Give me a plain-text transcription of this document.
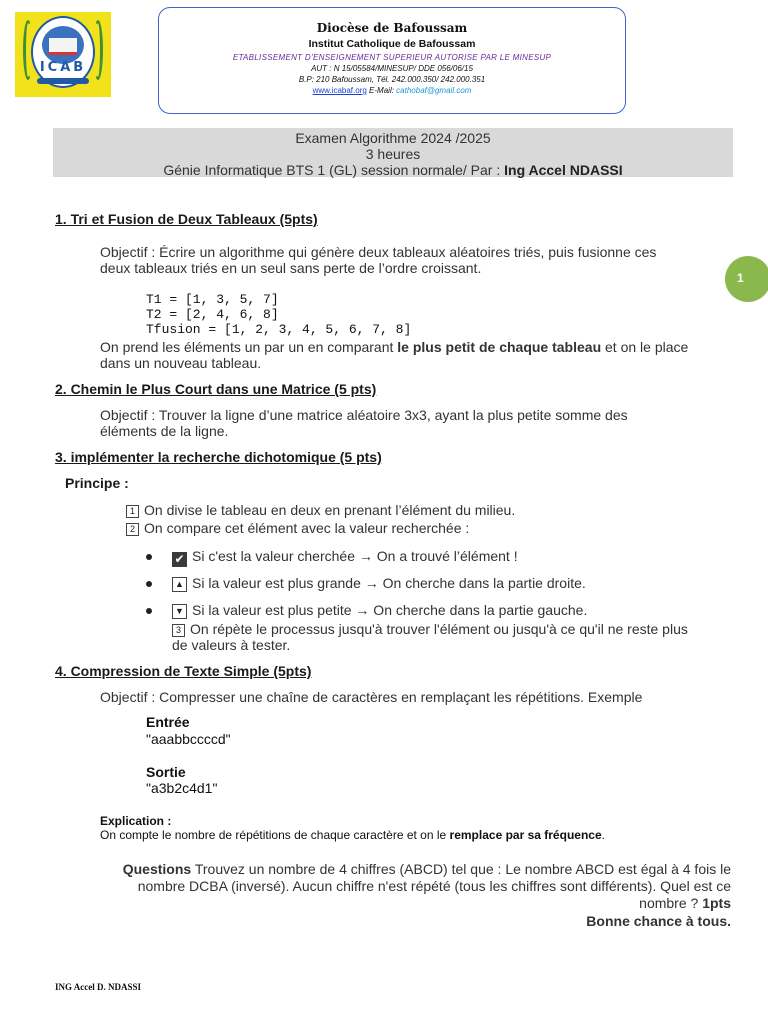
ICAB
Diocèse de Bafoussam
Institut Catholique de Bafoussam
ETABLISSEMENT D’ENSEIGNEMENT SUPERIEUR AUTORISE PAR LE MINESUP
AUT : N 15/05584/MINESUP/ DDE 056/06/15
B.P: 210 Bafoussam, Tél. 242.000.350/ 242.000.351
www.icabaf.org E-Mail: cathobaf@gmail.com
Examen Algorithme 2024 /2025
3 heures
Génie Informatique BTS 1 (GL) session normale/ Par : Ing Accel NDASSI
1
1. Tri et Fusion de Deux Tableaux (5pts)
Objectif : Écrire un algorithme qui génère deux tableaux aléatoires triés, puis fusionne ces
deux tableaux triés en un seul sans perte de l’ordre croissant.
T1 = [1, 3, 5, 7]
T2 = [2, 4, 6, 8]
Tfusion = [1, 2, 3, 4, 5, 6, 7, 8]
On prend les éléments un par un en comparant le plus petit de chaque tableau et on le place
dans un nouveau tableau.
2. Chemin le Plus Court dans une Matrice (5 pts)
Objectif : Trouver la ligne d’une matrice aléatoire 3x3, ayant la plus petite somme des
éléments de la ligne.
3. implémenter la recherche dichotomique (5 pts)
Principe :
1 On divise le tableau en deux en prenant l’élément du milieu.
2 On compare cet élément avec la valeur recherchée :
✔ Si c'est la valeur cherchée → On a trouvé l’élément !
▲ Si la valeur est plus grande → On cherche dans la partie droite.
▼ Si la valeur est plus petite → On cherche dans la partie gauche.
3 On répète le processus jusqu'à trouver l'élément ou jusqu'à ce qu'il ne reste plus
de valeurs à tester.
4. Compression de Texte Simple (5pts)
Objectif : Compresser une chaîne de caractères en remplaçant les répétitions. Exemple
Entrée
"aaabbccccd"
Sortie
"a3b2c4d1"
Explication :
On compte le nombre de répétitions de chaque caractère et on le remplace par sa fréquence.
Questions Trouvez un nombre de 4 chiffres (ABCD) tel que : Le nombre ABCD est égal à 4 fois le
nombre DCBA (inversé). Aucun chiffre n'est répété (tous les chiffres sont différents). Quel est ce
nombre ? 1pts
Bonne chance à tous.
ING Accel D. NDASSI
